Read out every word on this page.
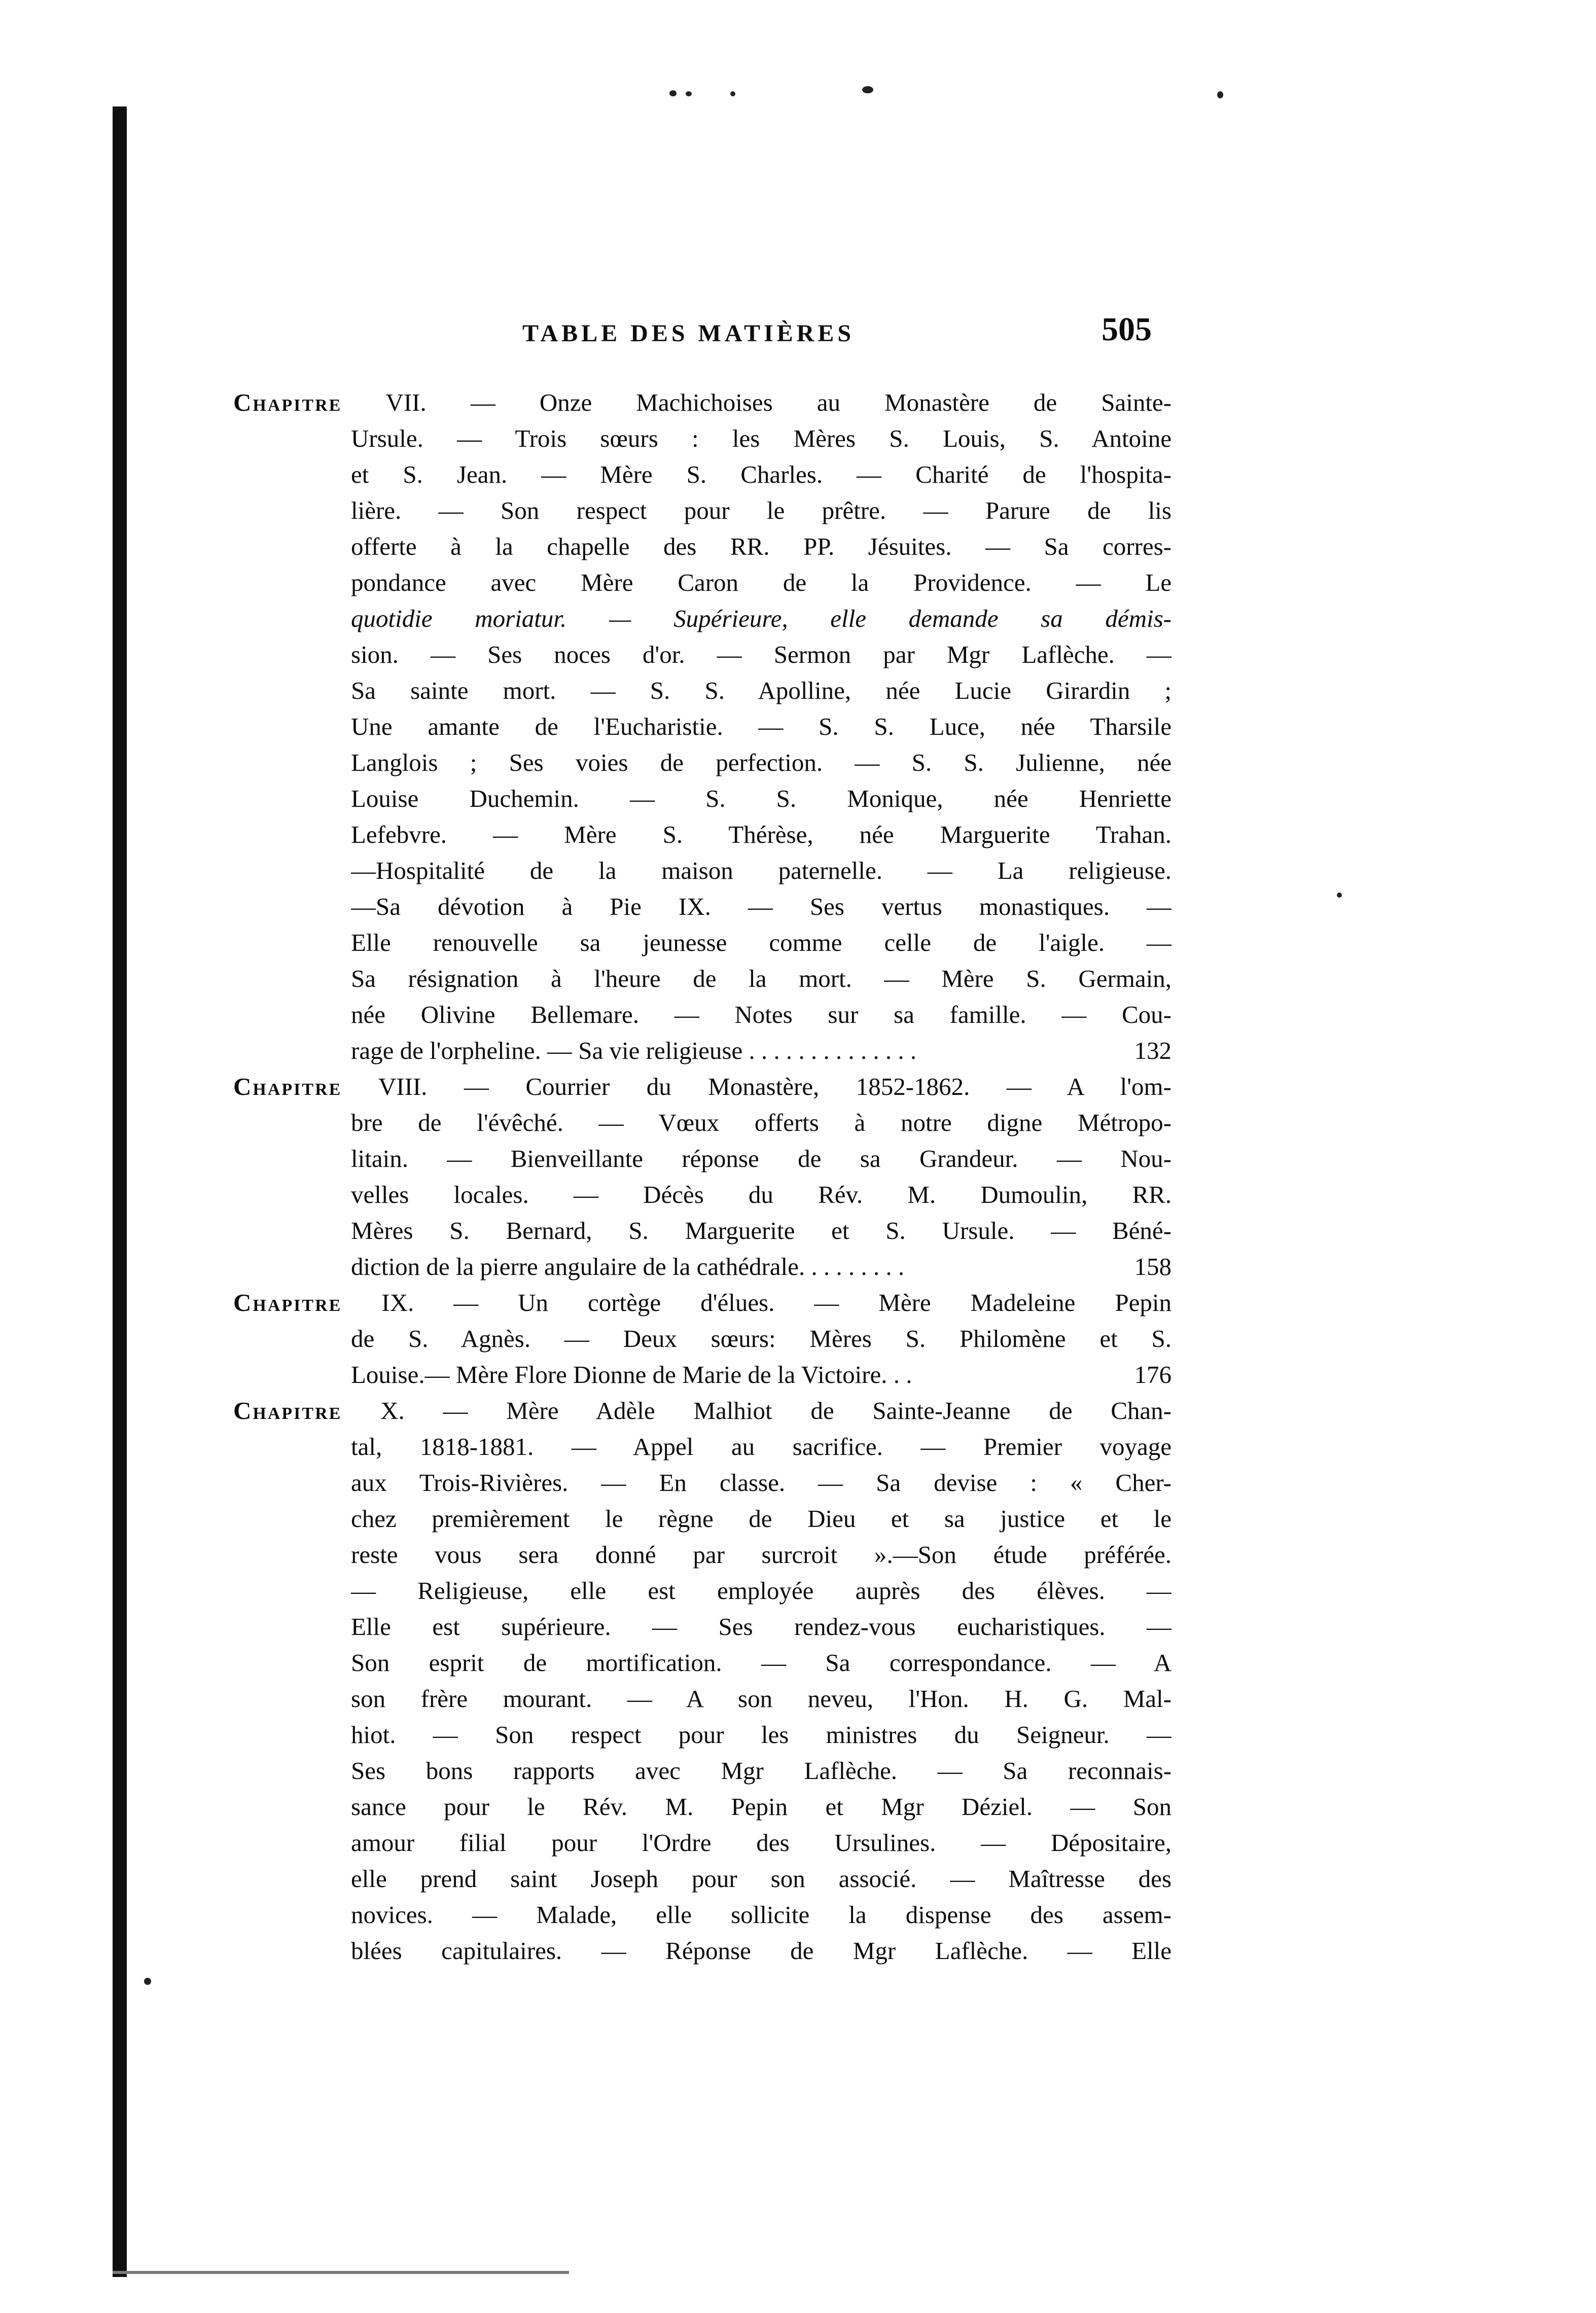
TABLE DES MATIÈRES	505
Chapitre VII. — Onze Machichoises au Monastère de Sainte-
Ursule. — Trois sœurs : les Mères S. Louis, S. Antoine
et S. Jean. — Mère S. Charles. — Charité de l'hospita-
lière. — Son respect pour le prêtre. — Parure de lis
offerte à la chapelle des RR. PP. Jésuites. — Sa corres-
pondance avec Mère Caron de la Providence. — Le
quotidie moriatur. — Supérieure, elle demande sa démis-
sion. — Ses noces d'or. — Sermon par Mgr Laflèche. —
Sa sainte mort. — S. S. Apolline, née Lucie Girardin ;
Une amante de l'Eucharistie. — S. S. Luce, née Tharsile
Langlois ; Ses voies de perfection. — S. S. Julienne, née
Louise Duchemin. — S. S. Monique, née Henriette
Lefebvre. — Mère S. Thérèse, née Marguerite Trahan.
—Hospitalité de la maison paternelle. — La religieuse.
—Sa dévotion à Pie IX. — Ses vertus monastiques. —
Elle renouvelle sa jeunesse comme celle de l'aigle. —
Sa résignation à l'heure de la mort. — Mère S. Germain,
née Olivine Bellemare. — Notes sur sa famille. — Cou-
rage de l'orpheline. — Sa vie religieuse . . . . . . . . . . . . . .	132
Chapitre VIII. — Courrier du Monastère, 1852-1862. — A l'om-
bre de l'évêché. — Vœux offerts à notre digne Métropo-
litain. — Bienveillante réponse de sa Grandeur. — Nou-
velles locales. — Décès du Rév. M. Dumoulin, RR.
Mères S. Bernard, S. Marguerite et S. Ursule. — Béné-
diction de la pierre angulaire de la cathédrale. . . . . . . . .	158
Chapitre IX. — Un cortège d'élues. — Mère Madeleine Pepin
de S. Agnès. — Deux sœurs: Mères S. Philomène et S.
Louise.— Mère Flore Dionne de Marie de la Victoire. . .	176
Chapitre X. — Mère Adèle Malhiot de Sainte-Jeanne de Chan-
tal, 1818-1881. — Appel au sacrifice. — Premier voyage
aux Trois-Rivières. — En classe. — Sa devise : « Cher-
chez premièrement le règne de Dieu et sa justice et le
reste vous sera donné par surcroit ».—Son étude préférée.
— Religieuse, elle est employée auprès des élèves. —
Elle est supérieure. — Ses rendez-vous eucharistiques. —
Son esprit de mortification. — Sa correspondance. — A
son frère mourant. — A son neveu, l'Hon. H. G. Mal-
hiot. — Son respect pour les ministres du Seigneur. —
Ses bons rapports avec Mgr Laflèche. — Sa reconnais-
sance pour le Rév. M. Pepin et Mgr Déziel. — Son
amour filial pour l'Ordre des Ursulines. — Dépositaire,
elle prend saint Joseph pour son associé. — Maîtresse des
novices. — Malade, elle sollicite la dispense des assem-
blées capitulaires. — Réponse de Mgr Laflèche. — Elle
